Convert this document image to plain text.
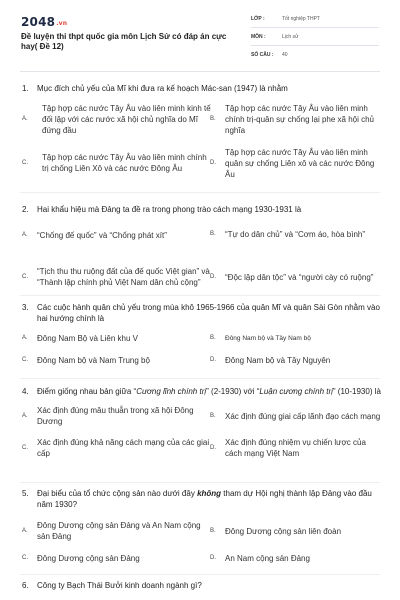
2048.vn
Đề luyện thi thpt quốc gia môn Lịch Sử có đáp án cực hay( Đề 12)
LỚP :	Tốt nghiệp THPT
MÔN :	Lịch sử
SỐ CÂU :	40
1.	Mục đích chủ yếu của Mĩ khi đưa ra kế hoạch Mác-san (1947) là nhằm
A.
Tập hợp các nước Tây Âu vào liên minh kinh tế đối lập với các nước xã hội chủ nghĩa do Mĩ đứng đầu
B.
Tập hợp các nước Tây Âu vào liên minh chính trị-quân sự chống lại phe xã hội chủ nghĩa
C.
Tập hợp các nước Tây Âu vào liên minh chính trị chống Liên Xô và các nước Đông Âu
D.
Tập hợp các nước Tây Âu vào liên minh quân sự chống Liên xô và các nước Đông Âu
2.	Hai khẩu hiệu mà Đảng ta đề ra trong phong trào cách mạng 1930-1931 là
A.	“Chống đế quốc” và “Chống phát xít”	B.	“Tự do dân chủ” và “Cơm áo, hòa bình”
C.
“Tịch thu thu ruộng đất của đế quốc Việt gian” và “Thành lập chính phủ Việt Nam dân chủ cộng”
D.	“Độc lập dân tộc” và “người cày có ruộng”
3.	Các cuộc hành quân chủ yếu trong mùa khô 1965-1966 của quân Mĩ và quân Sài Gòn nhằm vào hai hướng chính là
A.	Đông Nam Bộ và Liên khu V	B.	Đông Nam bộ và Tây Nam bộ
C.	Đông Nam bộ và Nam Trung bộ	D.	Đông Nam bộ và Tây Nguyên
4.	Điểm giống nhau bản giữa “Cương lĩnh chính trị” (2-1930) với “Luận cương chính trị” (10-1930) là
A.
Xác định đúng mâu thuẫn trong xã hội Đông Dương
B.	Xác định đúng giai cấp lãnh đạo cách mạng
C.
Xác định đúng khả năng cách mạng của các giai cấp
D.
Xác định đúng nhiệm vụ chiến lược của cách mạng Việt Nam
5.	Đại biểu của tổ chức cộng sản nào dưới đây không tham dự Hội nghị thành lập Đảng vào đầu năm 1930?
A.
Đông Dương cộng sản Đảng và An Nam cộng sản Đảng
B.	Đông Dương cộng sản liên đoàn
C.	Đông Dương cộng sản Đảng	D.	An Nam cộng sản Đảng
6.	Công ty Bạch Thái Bưởi kinh doanh ngành gì?
